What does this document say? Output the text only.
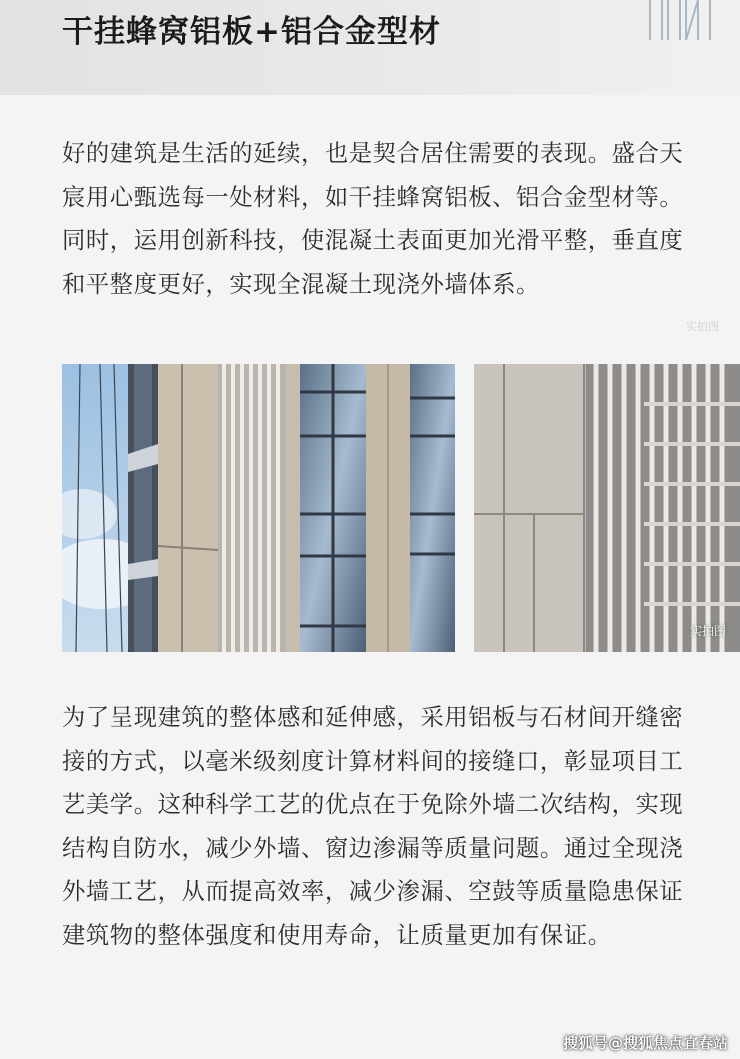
干挂蜂窝铝板+铝合金型材

好的建筑是生活的延续，也是契合居住需要的表现。盛合天宸用心甄选每一处材料，如干挂蜂窝铝板、铝合金型材等。同时，运用创新科技，使混凝土表面更加光滑平整，垂直度和平整度更好，实现全混凝土现浇外墙体系。

实拍图
实拍图

为了呈现建筑的整体感和延伸感，采用铝板与石材间开缝密接的方式，以毫米级刻度计算材料间的接缝口，彰显项目工艺美学。这种科学工艺的优点在于免除外墙二次结构，实现结构自防水，减少外墙、窗边渗漏等质量问题。通过全现浇外墙工艺，从而提高效率，减少渗漏、空鼓等质量隐患保证建筑物的整体强度和使用寿命，让质量更加有保证。

搜狐号@搜狐焦点宜春站
